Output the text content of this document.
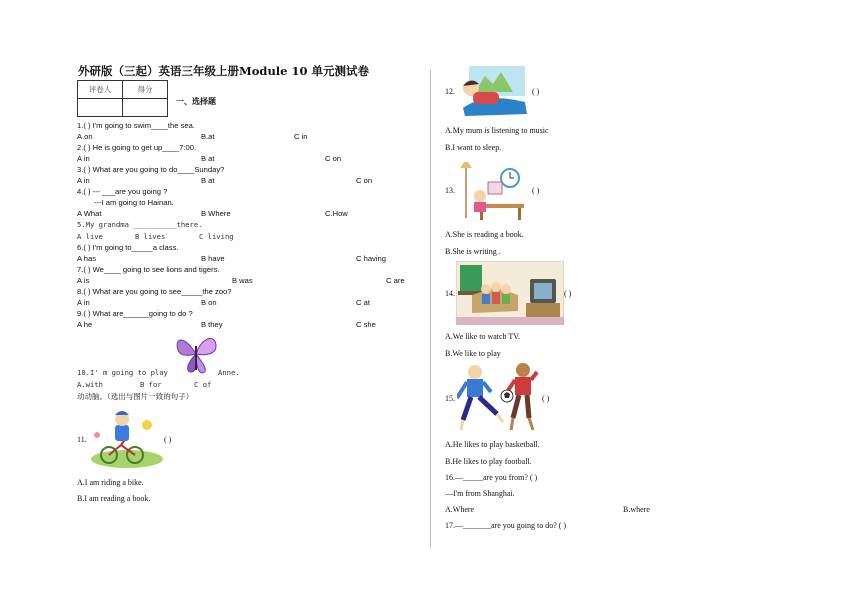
外研版（三起）英语三年级上册Module 10 单元测试卷
评卷人	得分

一、选择题
1.( ) I'm going to swim____the sea.
A.on	B.at	C in
2.( ) He is going to get up____7:00.
A in	B at	C on
3.( ) What are you going to do____Sunday?
A in	B at	C on
4.( ) --- ___are you going ?
---I am going to Hainan.
A What	B Where	C.How
5.My grandma __________there.
A live	B lives	C living
6.( ) I'm going to_____a class.
A has	B have	C having
7.( ) We____ going to see lions and tigers.
A is	B was	C are
8.( ) What are you going to see_____the zoo?
A in	B on	C at
9.( ) What are______going to do ?
A he	B they	C she
10.I' m going to play	Anne.
A.with	B for	C of
动动脑。（选出与图片一致的句子）
11.	( )
A.I am riding a bike.
B.I am reading a book.
12.	( )
A.My mum is listening to music
B.I want to sleep.
13.	( )
A.She is reading a book.
B.She is writing .
14.	( )
A.We like to watch TV.
B.We like to play
15.	( )
A.He likes to play basketball.
B.He likes to play football.
16.—_____are you from? ( )
—I'm from Shanghai.
A.Where	B.where
17.—_______are you going to do? ( )
